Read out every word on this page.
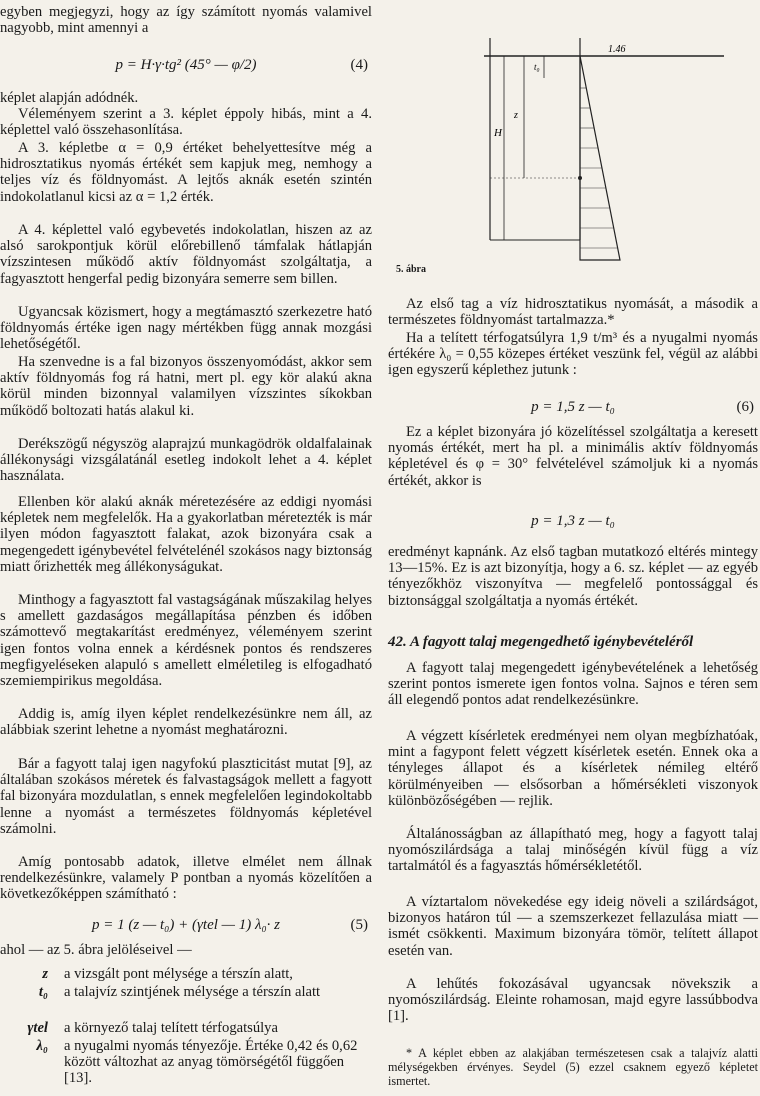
egyben megjegyzi, hogy az így számított nyomás valamivel nagyobb, mint amennyi a
p = H·γ·tg² (45° — φ/2)	(4)
képlet alapján adódnék.
Véleményem szerint a 3. képlet éppoly hibás, mint a 4. képlettel való összehasonlítása.
A 3. képletbe α = 0,9 értéket behelyettesítve még a hidrosztatikus nyomás értékét sem kapjuk meg, nemhogy a teljes víz és földnyomást. A lejtős aknák esetén szintén indokolatlanul kicsi az α = 1,2 érték.
A 4. képlettel való egybevetés indokolatlan, hiszen az az alsó sarokpontjuk körül előrebillenő támfalak hátlapján vízszintesen működő aktív földnyomást szolgáltatja, a fagyasztott hengerfal pedig bizonyára semerre sem billen.
Ugyancsak közismert, hogy a megtámasztó szerkezetre ható földnyomás értéke igen nagy mértékben függ annak mozgási lehetőségétől.
Ha szenvedne is a fal bizonyos összenyomódást, akkor sem aktív földnyomás fog rá hatni, mert pl. egy kör alakú akna körül minden bizonnyal valamilyen vízszintes síkokban működő boltozati hatás alakul ki.
Derékszögű négyszög alaprajzú munkagödrök oldalfalainak állékonysági vizsgálatánál esetleg indokolt lehet a 4. képlet használata.
Ellenben kör alakú aknák méretezésére az eddigi nyomási képletek nem megfelelők. Ha a gyakorlatban méretezték is már ilyen módon fagyasztott falakat, azok bizonyára csak a megengedett igénybevétel felvételénél szokásos nagy biztonság miatt őrizhették meg állékonyságukat.
Minthogy a fagyasztott fal vastagságának műszakilag helyes s amellett gazdaságos megállapítása pénzben és időben számottevő megtakarítást eredményez, véleményem szerint igen fontos volna ennek a kérdésnek pontos és rendszeres megfigyeléseken alapuló s amellett elméletileg is elfogadható szemiempirikus megoldása.
Addig is, amíg ilyen képlet rendelkezésünkre nem áll, az alábbiak szerint lehetne a nyomást meghatározni.
Bár a fagyott talaj igen nagyfokú plaszticitást mutat [9], az általában szokásos méretek és falvastagságok mellett a fagyott fal bizonyára mozdulatlan, s ennek megfelelően legindokoltabb lenne a nyomást a természetes földnyomás képletével számolni.
Amíg pontosabb adatok, illetve elmélet nem állnak rendelkezésünkre, valamely P pontban a nyomás közelítően a következőképpen számítható :
p = 1 (z — t₀) + (γtel — 1) λ₀· z	(5)
ahol — az 5. ábra jelöléseivel —
z a vizsgált pont mélysége a térszín alatt,
t₀ a talajvíz szintjének mélysége a térszín alatt
γtel a környező talaj telített térfogatsúlya
λ₀ a nyugalmi nyomás tényezője. Értéke 0,42 és 0,62 között változhat az anyag tömörségétől függően [13].
H
z
t₀
1.46
5. ábra
Az első tag a víz hidrosztatikus nyomását, a második a természetes földnyomást tartalmazza.*
Ha a telített térfogatsúlyra 1,9 t/m³ és a nyugalmi nyomás értékére λ₀ = 0,55 közepes értéket veszünk fel, végül az alábbi igen egyszerű képlethez jutunk :
p = 1,5 z — t₀	(6)
Ez a képlet bizonyára jó közelítéssel szolgáltatja a keresett nyomás értékét, mert ha pl. a minimális aktív földnyomás képletével és φ = 30° felvételével számoljuk ki a nyomás értékét, akkor is
p = 1,3 z — t₀
eredményt kapnánk. Az első tagban mutatkozó eltérés mintegy 13—15%. Ez is azt bizonyítja, hogy a 6. sz. képlet — az egyéb tényezőkhöz viszonyítva — megfelelő pontossággal és biztonsággal szolgáltatja a nyomás értékét.
42. A fagyott talaj megengedhető igénybevételéről
A fagyott talaj megengedett igénybevételének a lehetőség szerint pontos ismerete igen fontos volna. Sajnos e téren sem áll elegendő pontos adat rendelkezésünkre.
A végzett kísérletek eredményei nem olyan megbízhatóak, mint a fagypont felett végzett kísérletek esetén. Ennek oka a tényleges állapot és a kísérletek némileg eltérő körülményeiben — elsősorban a hőmérsékleti viszonyok különbözőségében — rejlik.
Általánosságban az állapítható meg, hogy a fagyott talaj nyomószilárdsága a talaj minőségén kívül függ a víz tartalmától és a fagyasztás hőmérsékletétől.
A víztartalom növekedése egy ideig növeli a szilárdságot, bizonyos határon túl — a szemszerkezet fellazulása miatt — ismét csökkenti. Maximum bizonyára tömör, telített állapot esetén van.
A lehűtés fokozásával ugyancsak növekszik a nyomószilárdság. Eleinte rohamosan, majd egyre lassúbbodva [1].
* A képlet ebben az alakjában természetesen csak a talajvíz alatti mélységekben érvényes. Seydel (5) ezzel csaknem egyező képletet ismertet.
